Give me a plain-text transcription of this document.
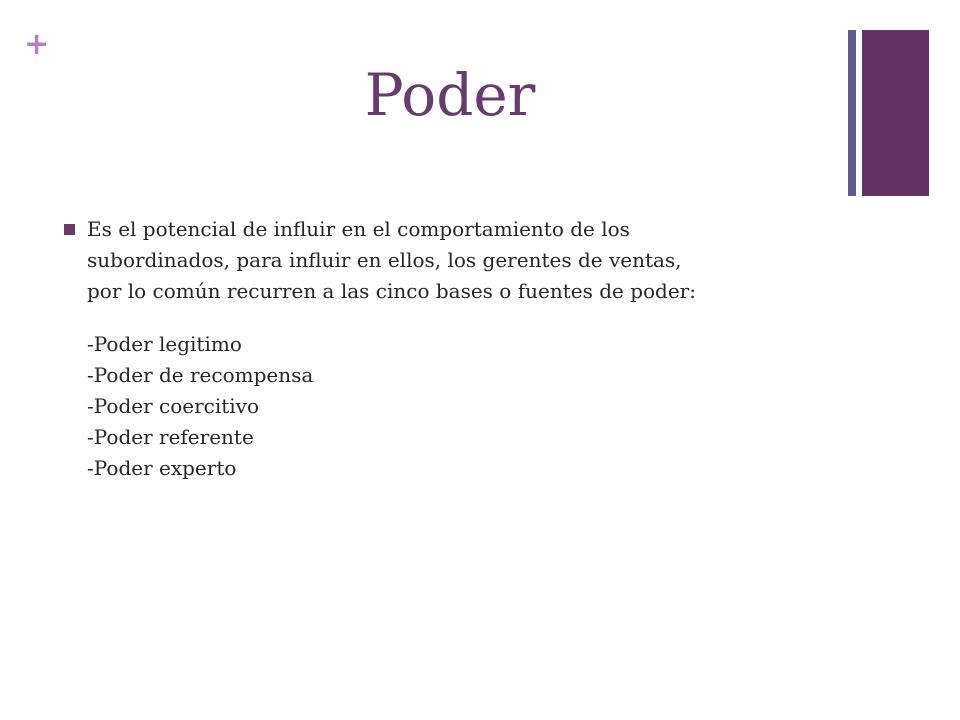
+
Poder
Es el potencial de influir en el comportamiento de los
subordinados, para influir en ellos, los gerentes de ventas,
por lo común recurren a las cinco bases o fuentes de poder:
-Poder legitimo
-Poder de recompensa
-Poder coercitivo
-Poder referente
-Poder experto
